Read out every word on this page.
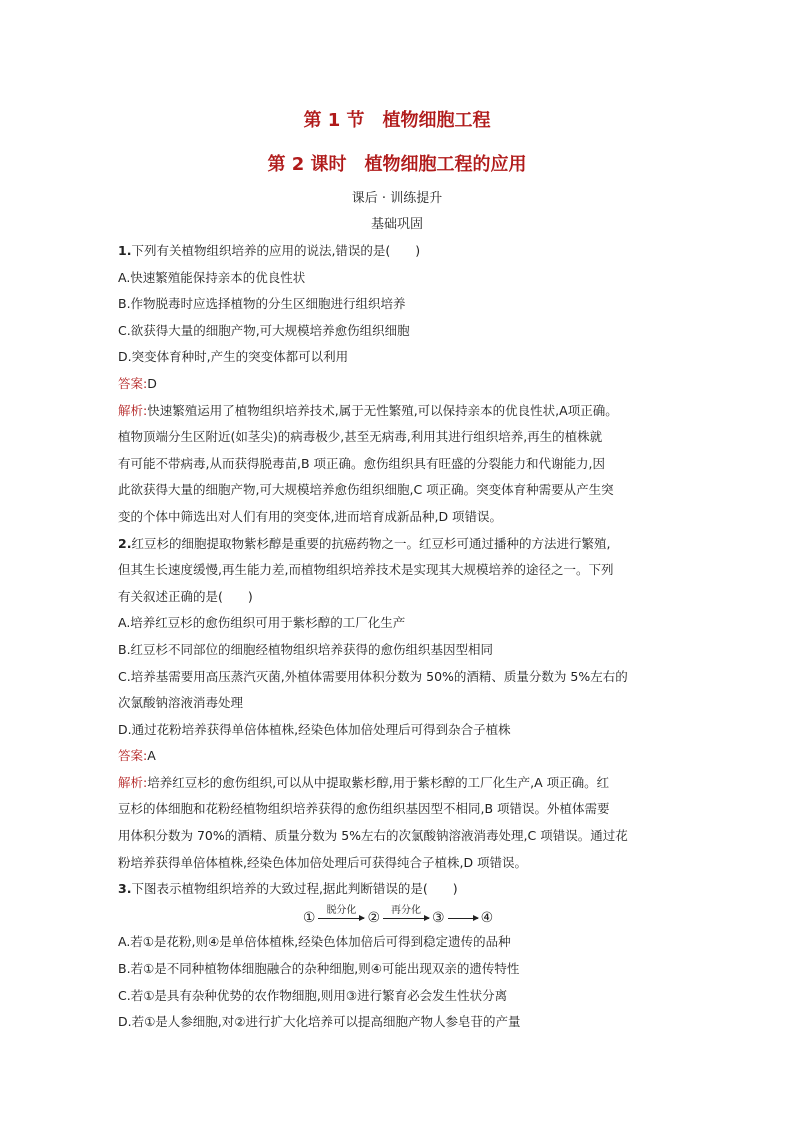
第 1 节　植物细胞工程
第 2 课时　植物细胞工程的应用
课后 · 训练提升
基础巩固
1.下列有关植物组织培养的应用的说法,错误的是(　　)
A.快速繁殖能保持亲本的优良性状
B.作物脱毒时应选择植物的分生区细胞进行组织培养
C.欲获得大量的细胞产物,可大规模培养愈伤组织细胞
D.突变体育种时,产生的突变体都可以利用
答案:D
解析:快速繁殖运用了植物组织培养技术,属于无性繁殖,可以保持亲本的优良性状,A项正确。
植物顶端分生区附近(如茎尖)的病毒极少,甚至无病毒,利用其进行组织培养,再生的植株就
有可能不带病毒,从而获得脱毒苗,B 项正确。愈伤组织具有旺盛的分裂能力和代谢能力,因
此欲获得大量的细胞产物,可大规模培养愈伤组织细胞,C 项正确。突变体育种需要从产生突
变的个体中筛选出对人们有用的突变体,进而培育成新品种,D 项错误。
2.红豆杉的细胞提取物紫杉醇是重要的抗癌药物之一。红豆杉可通过播种的方法进行繁殖,
但其生长速度缓慢,再生能力差,而植物组织培养技术是实现其大规模培养的途径之一。下列
有关叙述正确的是(　　)
A.培养红豆杉的愈伤组织可用于紫杉醇的工厂化生产
B.红豆杉不同部位的细胞经植物组织培养获得的愈伤组织基因型相同
C.培养基需要用高压蒸汽灭菌,外植体需要用体积分数为 50%的酒精、质量分数为 5%左右的
次氯酸钠溶液消毒处理
D.通过花粉培养获得单倍体植株,经染色体加倍处理后可得到杂合子植株
答案:A
解析:培养红豆杉的愈伤组织,可以从中提取紫杉醇,用于紫杉醇的工厂化生产,A 项正确。红
豆杉的体细胞和花粉经植物组织培养获得的愈伤组织基因型不相同,B 项错误。外植体需要
用体积分数为 70%的酒精、质量分数为 5%左右的次氯酸钠溶液消毒处理,C 项错误。通过花
粉培养获得单倍体植株,经染色体加倍处理后可获得纯合子植株,D 项错误。
3.下图表示植物组织培养的大致过程,据此判断错误的是(　　)
① 脱分化 ② 再分化 ③	④
A.若①是花粉,则④是单倍体植株,经染色体加倍后可得到稳定遗传的品种
B.若①是不同种植物体细胞融合的杂种细胞,则④可能出现双亲的遗传特性
C.若①是具有杂种优势的农作物细胞,则用③进行繁育必会发生性状分离
D.若①是人参细胞,对②进行扩大化培养可以提高细胞产物人参皂苷的产量
